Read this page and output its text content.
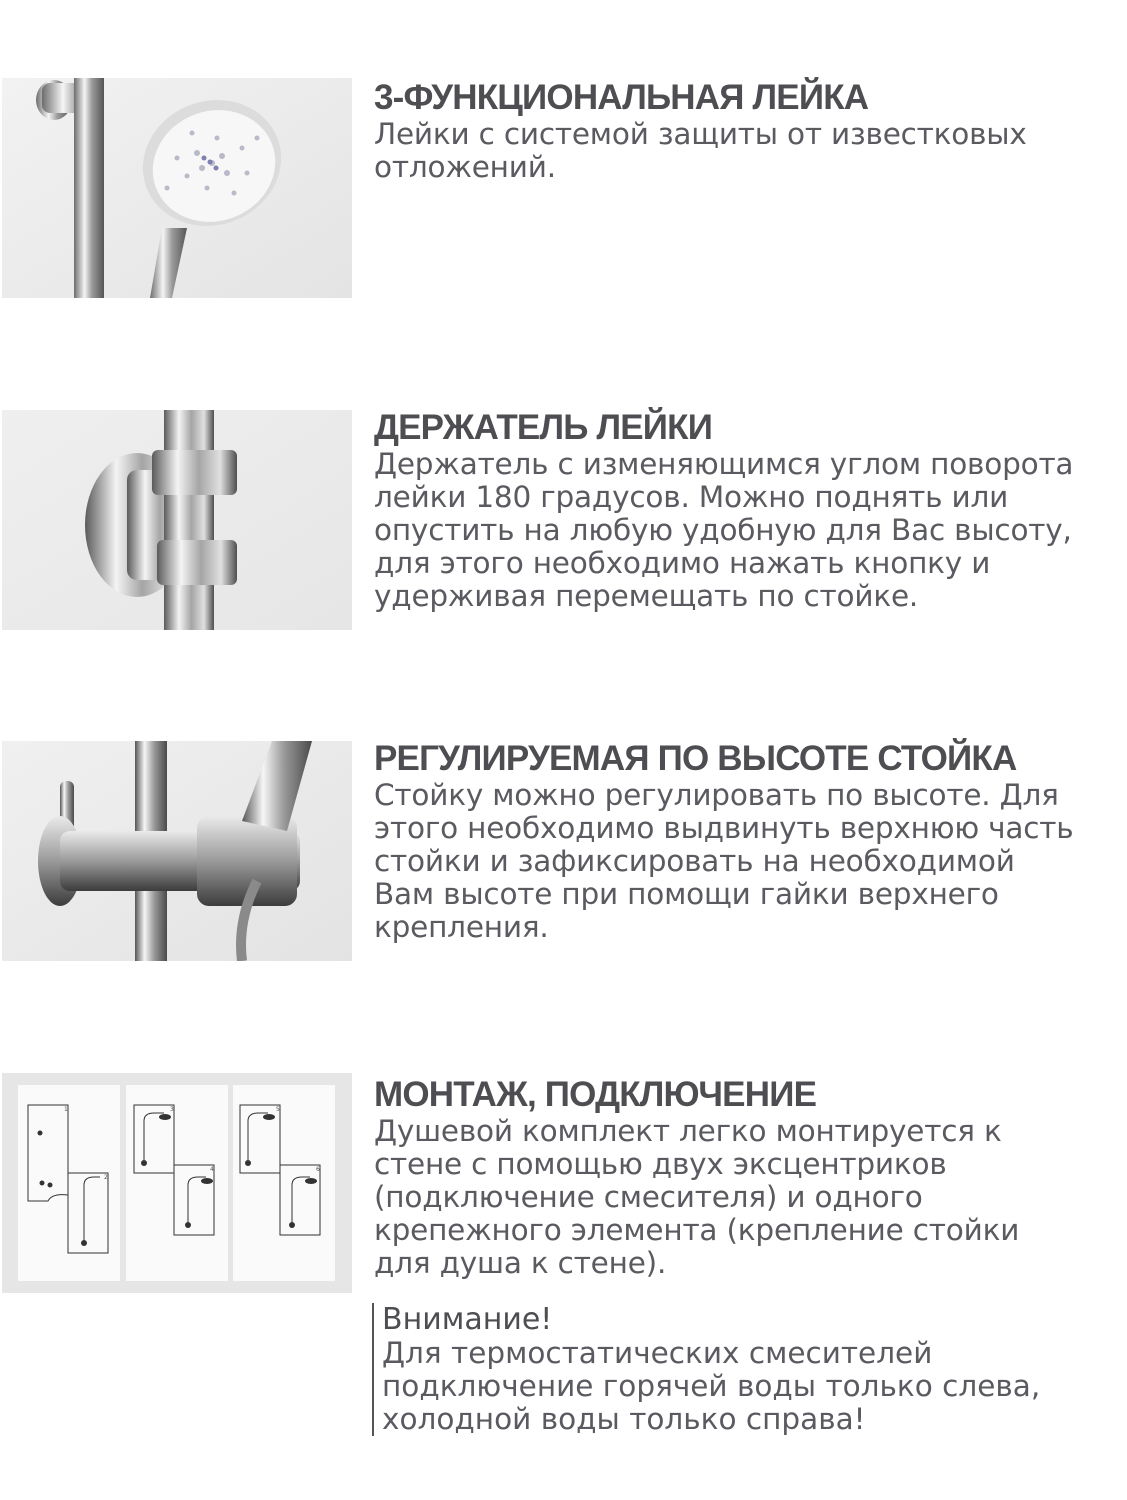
3-ФУНКЦИОНАЛЬНАЯ ЛЕЙКА

Лейки с системой защиты от известковых
отложений.

ДЕРЖАТЕЛЬ ЛЕЙКИ

Держатель с изменяющимся углом поворота
лейки 180 градусов. Можно поднять или
опустить на любую удобную для Вас высоту,
для этого необходимо нажать кнопку и
удерживая перемещать по стойке.

РЕГУЛИРУЕМАЯ ПО ВЫСОТЕ СТОЙКА

Стойку можно регулировать по высоте. Для
этого необходимо выдвинуть верхнюю часть
стойки и зафиксировать на необходимой
Вам высоте при помощи гайки верхнего
крепления.

1
2
3
4
5
6
МОНТАЖ, ПОДКЛЮЧЕНИЕ

Душевой комплект легко монтируется к
стене с помощью двух эксцентриков
(подключение смесителя) и одного
крепежного элемента (крепление стойки
для душа к стене).

Внимание!
Для термостатических смесителей
подключение горячей воды только слева,
холодной воды только справа!
